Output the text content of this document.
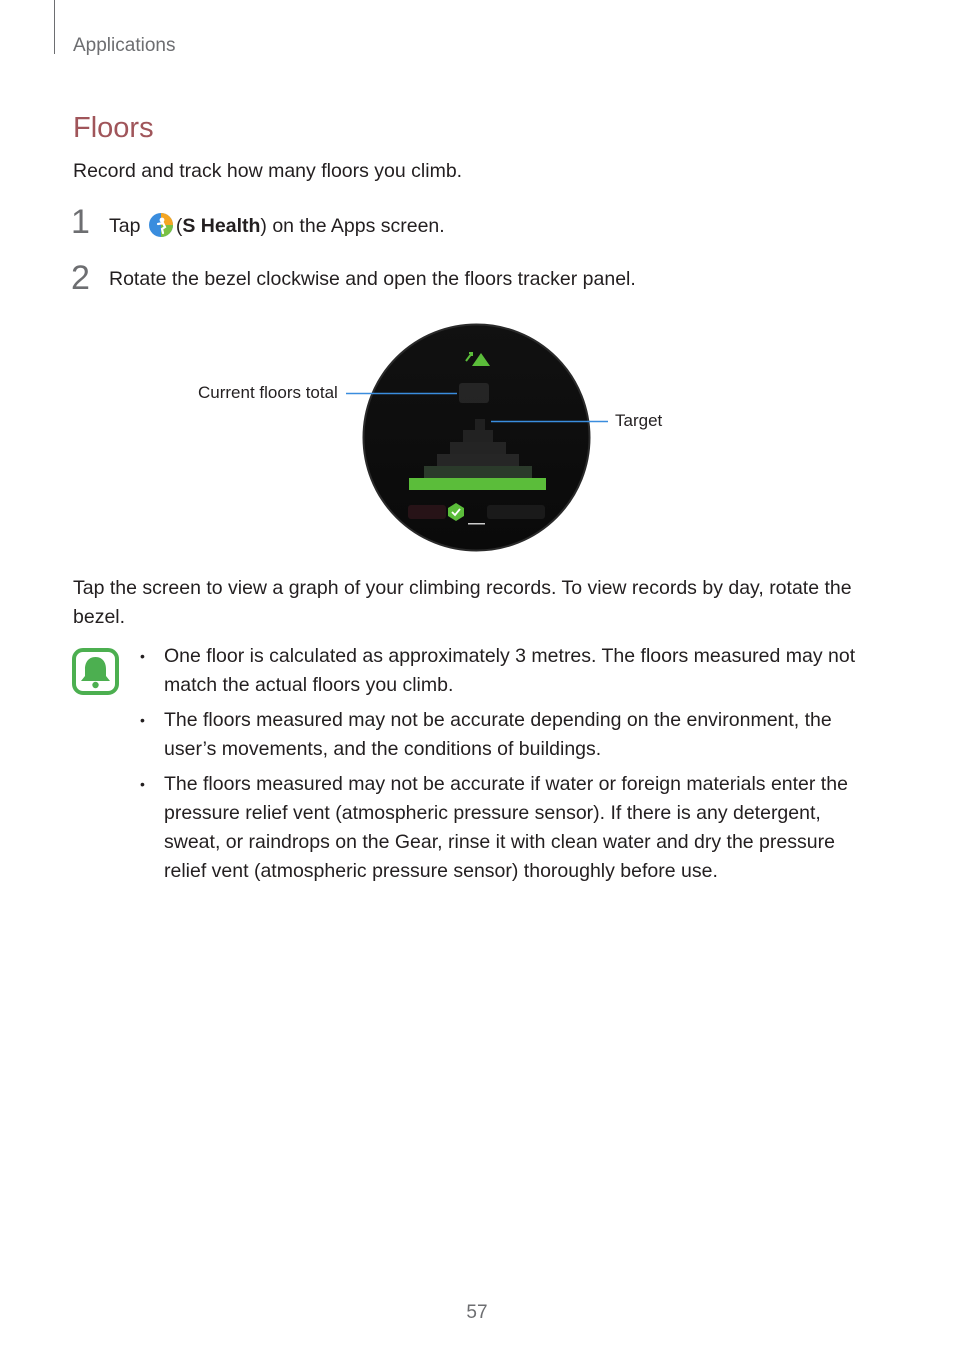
Applications
Floors
Record and track how many floors you climb.
1 Tap (S Health) on the Apps screen.
2 Rotate the bezel clockwise and open the floors tracker panel.
Current floors total
Target
Tap the screen to view a graph of your climbing records. To view records by day, rotate the bezel.
• One floor is calculated as approximately 3 metres. The floors measured may not match the actual floors you climb.
• The floors measured may not be accurate depending on the environment, the user’s movements, and the conditions of buildings.
• The floors measured may not be accurate if water or foreign materials enter the pressure relief vent (atmospheric pressure sensor). If there is any detergent, sweat, or raindrops on the Gear, rinse it with clean water and dry the pressure relief vent (atmospheric pressure sensor) thoroughly before use.
57
